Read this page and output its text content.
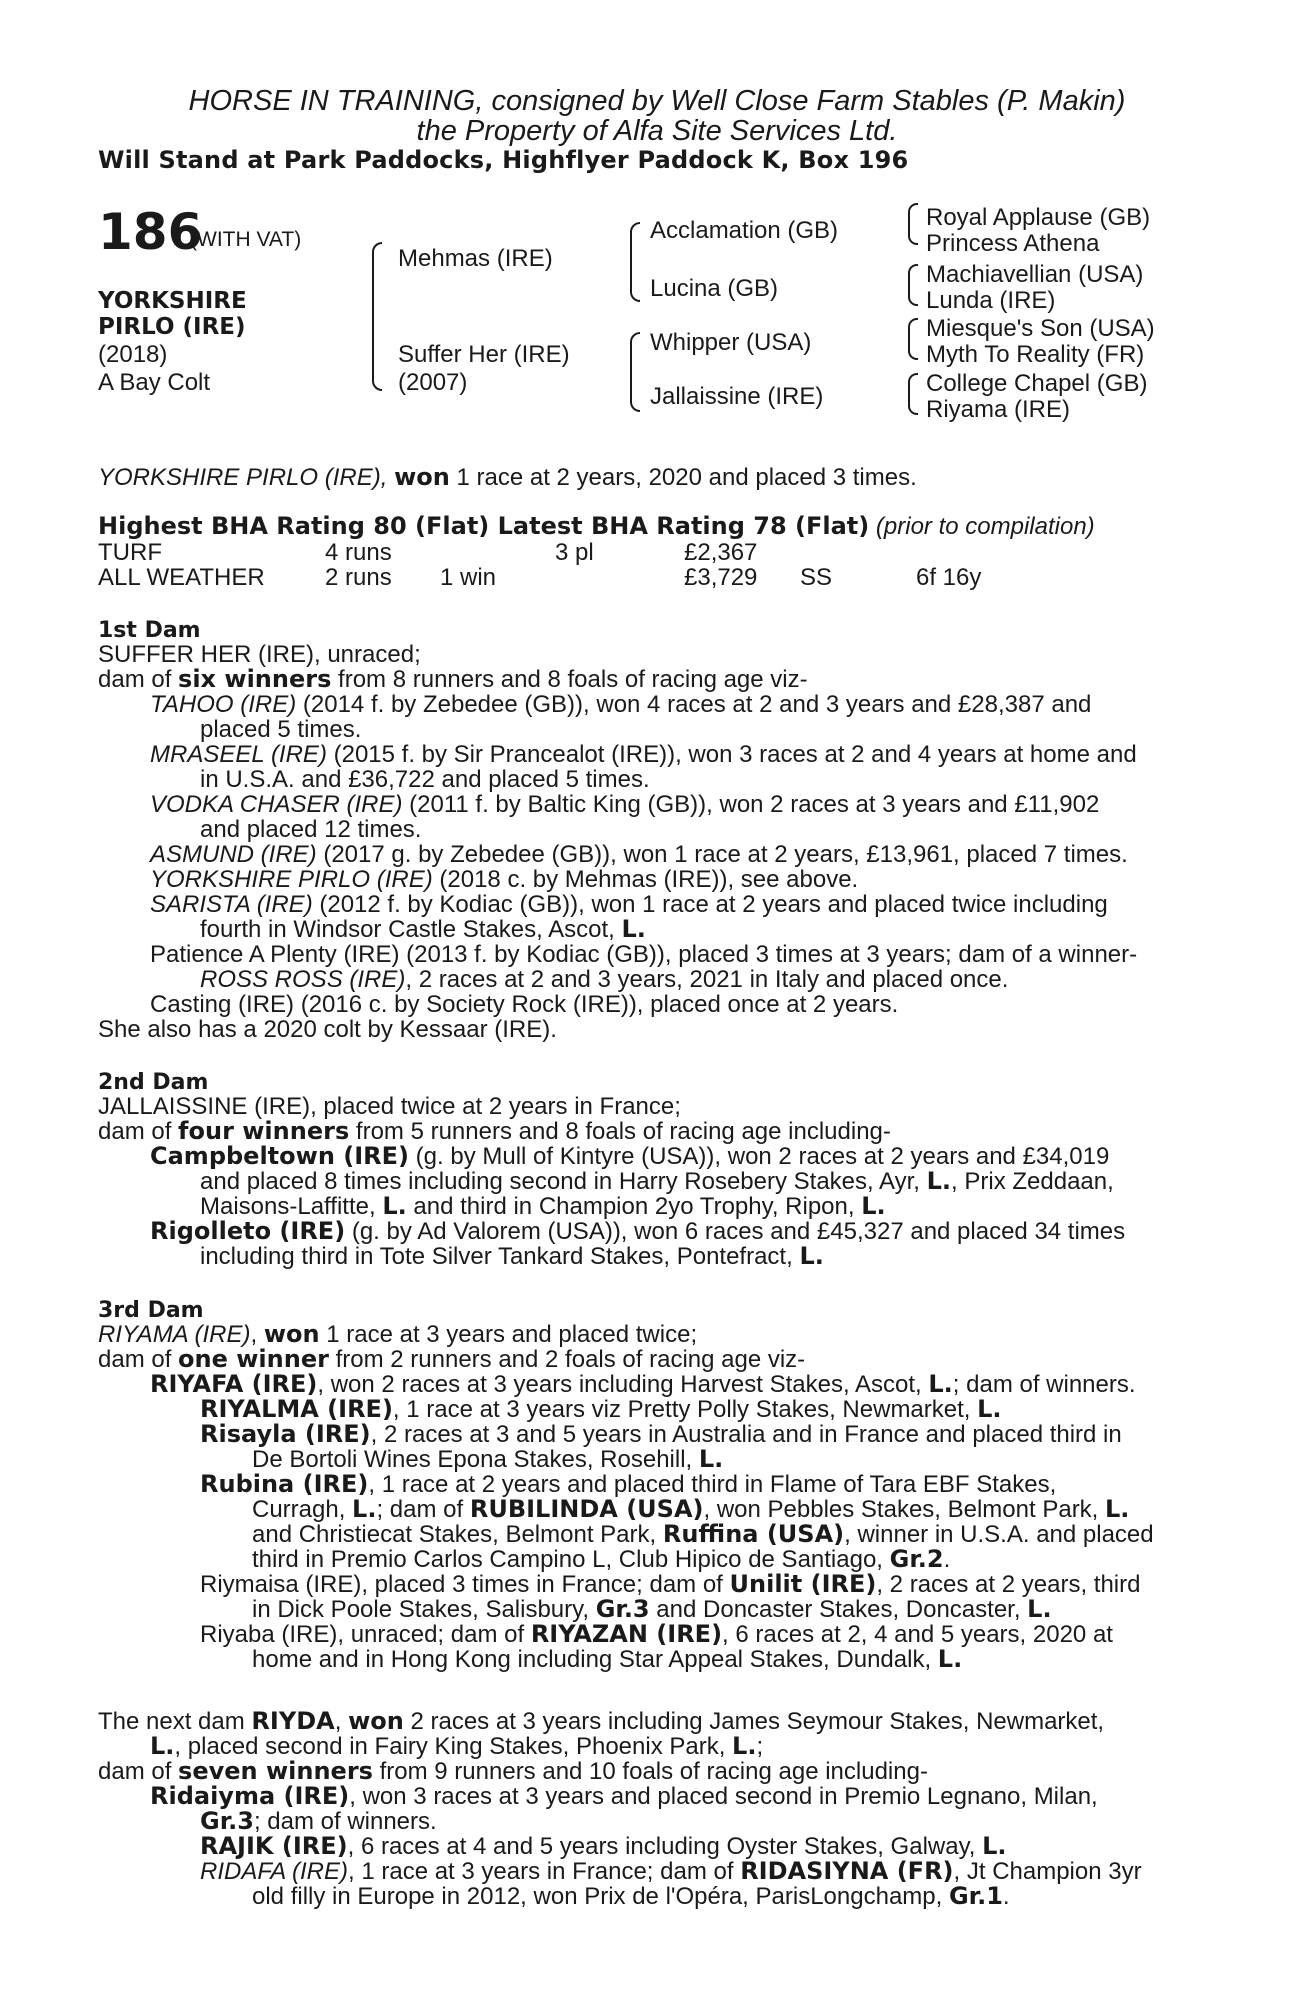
HORSE IN TRAINING, consigned by Well Close Farm Stables (P. Makin)
the Property of Alfa Site Services Ltd.
Will Stand at Park Paddocks, Highflyer Paddock K, Box 196
186
(WITH VAT)
YORKSHIRE
PIRLO (IRE)
(2018)
A Bay Colt
Mehmas (IRE)
Suffer Her (IRE)
(2007)
Acclamation (GB)
Lucina (GB)
Whipper (USA)
Jallaissine (IRE)
Royal Applause (GB)
Princess Athena
Machiavellian (USA)
Lunda (IRE)
Miesque's Son (USA)
Myth To Reality (FR)
College Chapel (GB)
Riyama (IRE)
YORKSHIRE PIRLO (IRE), won 1 race at 2 years, 2020 and placed 3 times.
Highest BHA Rating 80 (Flat) Latest BHA Rating 78 (Flat) (prior to compilation)
TURF	4 runs	3 pl	£2,367
ALL WEATHER	2 runs 1 win	£3,729 SS	6f 16y
1st Dam
SUFFER HER (IRE), unraced;
dam of six winners from 8 runners and 8 foals of racing age viz-
TAHOO (IRE) (2014 f. by Zebedee (GB)), won 4 races at 2 and 3 years and £28,387 and
placed 5 times.
MRASEEL (IRE) (2015 f. by Sir Prancealot (IRE)), won 3 races at 2 and 4 years at home and
in U.S.A. and £36,722 and placed 5 times.
VODKA CHASER (IRE) (2011 f. by Baltic King (GB)), won 2 races at 3 years and £11,902
and placed 12 times.
ASMUND (IRE) (2017 g. by Zebedee (GB)), won 1 race at 2 years, £13,961, placed 7 times.
YORKSHIRE PIRLO (IRE) (2018 c. by Mehmas (IRE)), see above.
SARISTA (IRE) (2012 f. by Kodiac (GB)), won 1 race at 2 years and placed twice including
fourth in Windsor Castle Stakes, Ascot, L.
Patience A Plenty (IRE) (2013 f. by Kodiac (GB)), placed 3 times at 3 years; dam of a winner-
ROSS ROSS (IRE), 2 races at 2 and 3 years, 2021 in Italy and placed once.
Casting (IRE) (2016 c. by Society Rock (IRE)), placed once at 2 years.
She also has a 2020 colt by Kessaar (IRE).
2nd Dam
JALLAISSINE (IRE), placed twice at 2 years in France;
dam of four winners from 5 runners and 8 foals of racing age including-
Campbeltown (IRE) (g. by Mull of Kintyre (USA)), won 2 races at 2 years and £34,019
and placed 8 times including second in Harry Rosebery Stakes, Ayr, L., Prix Zeddaan,
Maisons-Laffitte, L. and third in Champion 2yo Trophy, Ripon, L.
Rigolleto (IRE) (g. by Ad Valorem (USA)), won 6 races and £45,327 and placed 34 times
including third in Tote Silver Tankard Stakes, Pontefract, L.
3rd Dam
RIYAMA (IRE), won 1 race at 3 years and placed twice;
dam of one winner from 2 runners and 2 foals of racing age viz-
RIYAFA (IRE), won 2 races at 3 years including Harvest Stakes, Ascot, L.; dam of winners.
RIYALMA (IRE), 1 race at 3 years viz Pretty Polly Stakes, Newmarket, L.
Risayla (IRE), 2 races at 3 and 5 years in Australia and in France and placed third in
De Bortoli Wines Epona Stakes, Rosehill, L.
Rubina (IRE), 1 race at 2 years and placed third in Flame of Tara EBF Stakes,
Curragh, L.; dam of RUBILINDA (USA), won Pebbles Stakes, Belmont Park, L.
and Christiecat Stakes, Belmont Park, Ruffina (USA), winner in U.S.A. and placed
third in Premio Carlos Campino L, Club Hipico de Santiago, Gr.2.
Riymaisa (IRE), placed 3 times in France; dam of Unilit (IRE), 2 races at 2 years, third
in Dick Poole Stakes, Salisbury, Gr.3 and Doncaster Stakes, Doncaster, L.
Riyaba (IRE), unraced; dam of RIYAZAN (IRE), 6 races at 2, 4 and 5 years, 2020 at
home and in Hong Kong including Star Appeal Stakes, Dundalk, L.
The next dam RIYDA, won 2 races at 3 years including James Seymour Stakes, Newmarket,
L., placed second in Fairy King Stakes, Phoenix Park, L.;
dam of seven winners from 9 runners and 10 foals of racing age including-
Ridaiyma (IRE), won 3 races at 3 years and placed second in Premio Legnano, Milan,
Gr.3; dam of winners.
RAJIK (IRE), 6 races at 4 and 5 years including Oyster Stakes, Galway, L.
RIDAFA (IRE), 1 race at 3 years in France; dam of RIDASIYNA (FR), Jt Champion 3yr
old filly in Europe in 2012, won Prix de l'Opéra, ParisLongchamp, Gr.1.
